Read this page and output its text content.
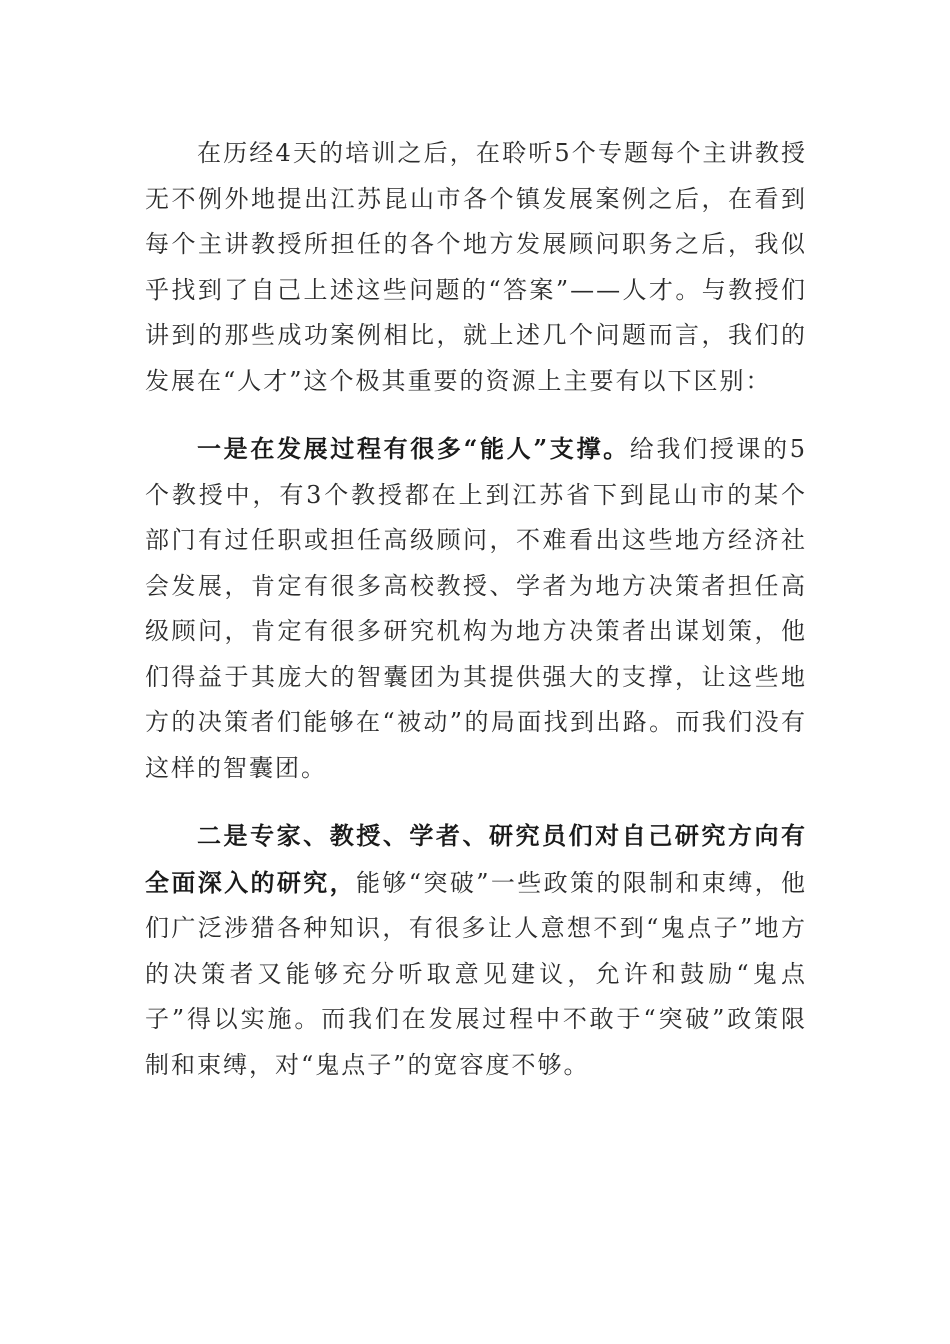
在历经4天的培训之后，在聆听5个专题每个主讲教授无不例外地提出江苏昆山市各个镇发展案例之后，在看到每个主讲教授所担任的各个地方发展顾问职务之后，我似乎找到了自己上述这些问题的“答案”——人才。与教授们讲到的那些成功案例相比，就上述几个问题而言，我们的发展在“人才”这个极其重要的资源上主要有以下区别：

一是在发展过程有很多“能人”支撑。给我们授课的5个教授中，有3个教授都在上到江苏省下到昆山市的某个部门有过任职或担任高级顾问，不难看出这些地方经济社会发展，肯定有很多高校教授、学者为地方决策者担任高级顾问，肯定有很多研究机构为地方决策者出谋划策，他们得益于其庞大的智囊团为其提供强大的支撑，让这些地方的决策者们能够在“被动”的局面找到出路。而我们没有这样的智囊团。

二是专家、教授、学者、研究员们对自己研究方向有全面深入的研究，能够“突破”一些政策的限制和束缚，他们广泛涉猎各种知识，有很多让人意想不到“鬼点子”地方的决策者又能够充分听取意见建议，允许和鼓励“鬼点子”得以实施。而我们在发展过程中不敢于“突破”政策限制和束缚，对“鬼点子”的宽容度不够。
